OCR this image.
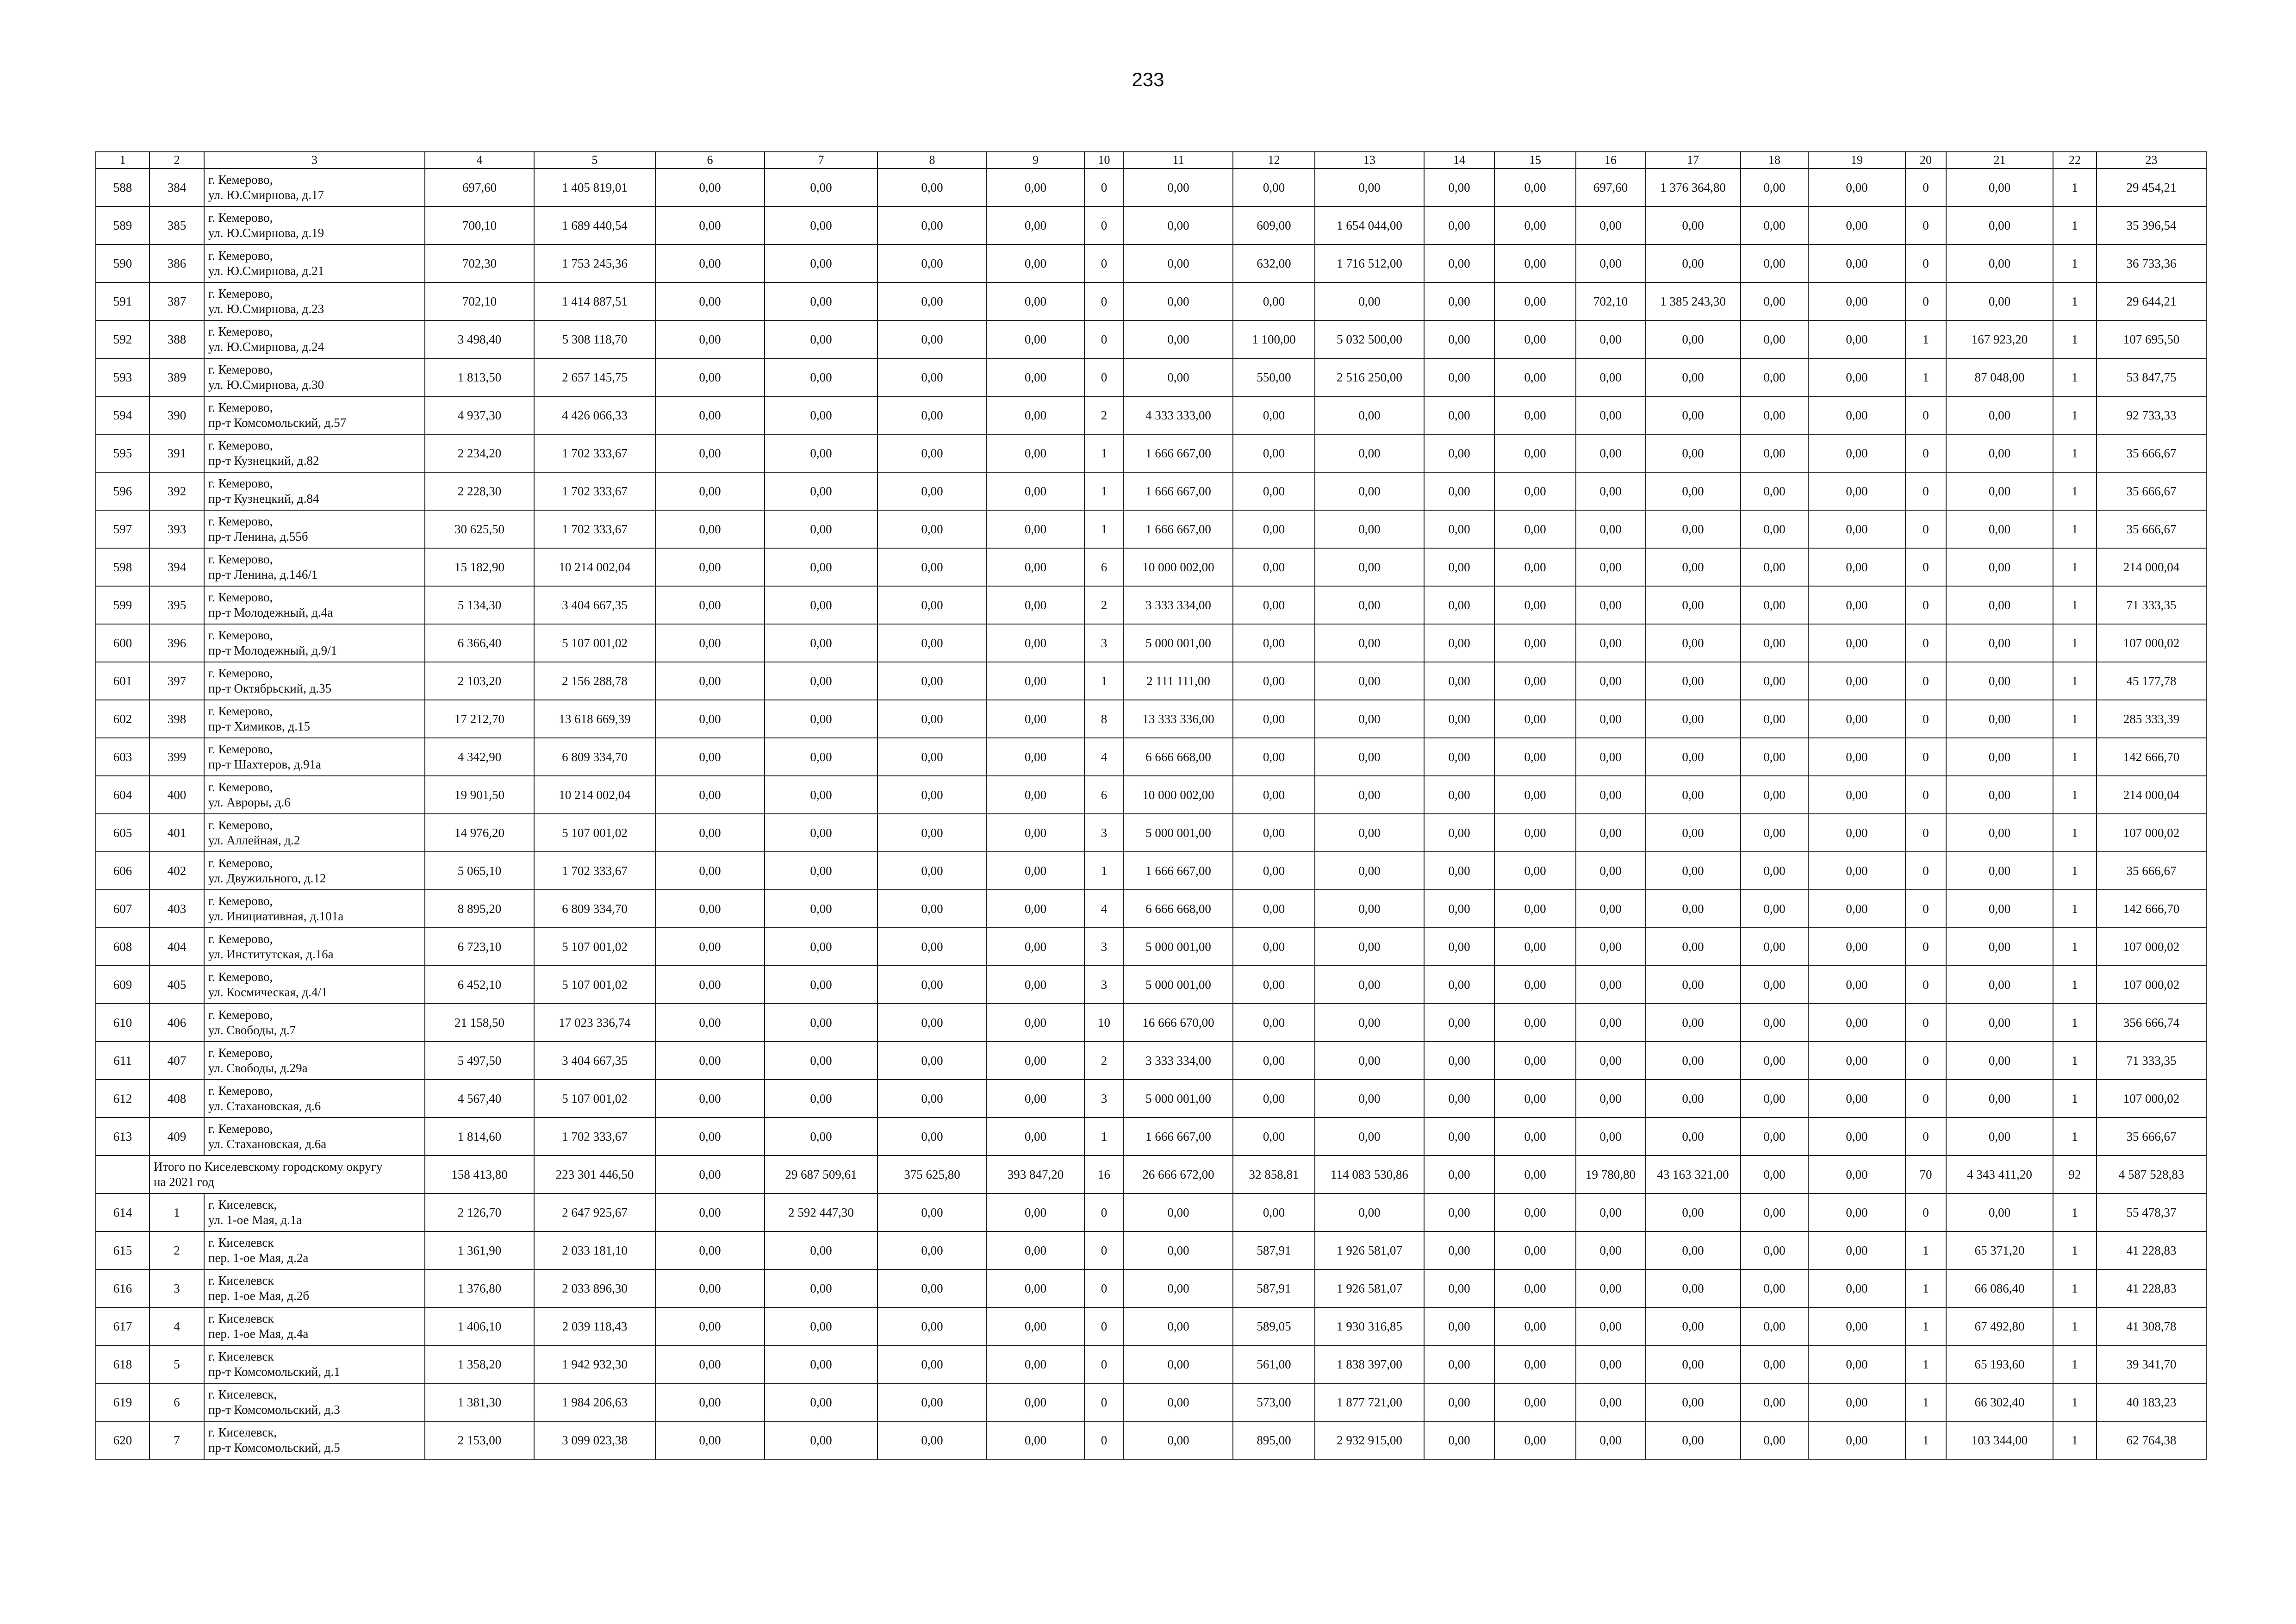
233
1	2	3	4	5	6	7	8	9	10	11	12	13	14	15	16	17	18	19	20	21	22	23
588	384	г. Кемерово,
ул. Ю.Смирнова, д.17	697,60	1 405 819,01	0,00	0,00	0,00	0,00	0	0,00	0,00	0,00	0,00	0,00	697,60	1 376 364,80	0,00	0,00	0	0,00	1	29 454,21
589	385	г. Кемерово,
ул. Ю.Смирнова, д.19	700,10	1 689 440,54	0,00	0,00	0,00	0,00	0	0,00	609,00	1 654 044,00	0,00	0,00	0,00	0,00	0,00	0,00	0	0,00	1	35 396,54
590	386	г. Кемерово,
ул. Ю.Смирнова, д.21	702,30	1 753 245,36	0,00	0,00	0,00	0,00	0	0,00	632,00	1 716 512,00	0,00	0,00	0,00	0,00	0,00	0,00	0	0,00	1	36 733,36
591	387	г. Кемерово,
ул. Ю.Смирнова, д.23	702,10	1 414 887,51	0,00	0,00	0,00	0,00	0	0,00	0,00	0,00	0,00	0,00	702,10	1 385 243,30	0,00	0,00	0	0,00	1	29 644,21
592	388	г. Кемерово,
ул. Ю.Смирнова, д.24	3 498,40	5 308 118,70	0,00	0,00	0,00	0,00	0	0,00	1 100,00	5 032 500,00	0,00	0,00	0,00	0,00	0,00	0,00	1	167 923,20	1	107 695,50
593	389	г. Кемерово,
ул. Ю.Смирнова, д.30	1 813,50	2 657 145,75	0,00	0,00	0,00	0,00	0	0,00	550,00	2 516 250,00	0,00	0,00	0,00	0,00	0,00	0,00	1	87 048,00	1	53 847,75
594	390	г. Кемерово,
пр-т Комсомольский, д.57	4 937,30	4 426 066,33	0,00	0,00	0,00	0,00	2	4 333 333,00	0,00	0,00	0,00	0,00	0,00	0,00	0,00	0,00	0	0,00	1	92 733,33
595	391	г. Кемерово,
пр-т Кузнецкий, д.82	2 234,20	1 702 333,67	0,00	0,00	0,00	0,00	1	1 666 667,00	0,00	0,00	0,00	0,00	0,00	0,00	0,00	0,00	0	0,00	1	35 666,67
596	392	г. Кемерово,
пр-т Кузнецкий, д.84	2 228,30	1 702 333,67	0,00	0,00	0,00	0,00	1	1 666 667,00	0,00	0,00	0,00	0,00	0,00	0,00	0,00	0,00	0	0,00	1	35 666,67
597	393	г. Кемерово,
пр-т Ленина, д.55б	30 625,50	1 702 333,67	0,00	0,00	0,00	0,00	1	1 666 667,00	0,00	0,00	0,00	0,00	0,00	0,00	0,00	0,00	0	0,00	1	35 666,67
598	394	г. Кемерово,
пр-т Ленина, д.146/1	15 182,90	10 214 002,04	0,00	0,00	0,00	0,00	6	10 000 002,00	0,00	0,00	0,00	0,00	0,00	0,00	0,00	0,00	0	0,00	1	214 000,04
599	395	г. Кемерово,
пр-т Молодежный, д.4а	5 134,30	3 404 667,35	0,00	0,00	0,00	0,00	2	3 333 334,00	0,00	0,00	0,00	0,00	0,00	0,00	0,00	0,00	0	0,00	1	71 333,35
600	396	г. Кемерово,
пр-т Молодежный, д.9/1	6 366,40	5 107 001,02	0,00	0,00	0,00	0,00	3	5 000 001,00	0,00	0,00	0,00	0,00	0,00	0,00	0,00	0,00	0	0,00	1	107 000,02
601	397	г. Кемерово,
пр-т Октябрьский, д.35	2 103,20	2 156 288,78	0,00	0,00	0,00	0,00	1	2 111 111,00	0,00	0,00	0,00	0,00	0,00	0,00	0,00	0,00	0	0,00	1	45 177,78
602	398	г. Кемерово,
пр-т Химиков, д.15	17 212,70	13 618 669,39	0,00	0,00	0,00	0,00	8	13 333 336,00	0,00	0,00	0,00	0,00	0,00	0,00	0,00	0,00	0	0,00	1	285 333,39
603	399	г. Кемерово,
пр-т Шахтеров, д.91а	4 342,90	6 809 334,70	0,00	0,00	0,00	0,00	4	6 666 668,00	0,00	0,00	0,00	0,00	0,00	0,00	0,00	0,00	0	0,00	1	142 666,70
604	400	г. Кемерово,
ул. Авроры, д.6	19 901,50	10 214 002,04	0,00	0,00	0,00	0,00	6	10 000 002,00	0,00	0,00	0,00	0,00	0,00	0,00	0,00	0,00	0	0,00	1	214 000,04
605	401	г. Кемерово,
ул. Аллейная, д.2	14 976,20	5 107 001,02	0,00	0,00	0,00	0,00	3	5 000 001,00	0,00	0,00	0,00	0,00	0,00	0,00	0,00	0,00	0	0,00	1	107 000,02
606	402	г. Кемерово,
ул. Двужильного, д.12	5 065,10	1 702 333,67	0,00	0,00	0,00	0,00	1	1 666 667,00	0,00	0,00	0,00	0,00	0,00	0,00	0,00	0,00	0	0,00	1	35 666,67
607	403	г. Кемерово,
ул. Инициативная, д.101а	8 895,20	6 809 334,70	0,00	0,00	0,00	0,00	4	6 666 668,00	0,00	0,00	0,00	0,00	0,00	0,00	0,00	0,00	0	0,00	1	142 666,70
608	404	г. Кемерово,
ул. Институтская, д.16а	6 723,10	5 107 001,02	0,00	0,00	0,00	0,00	3	5 000 001,00	0,00	0,00	0,00	0,00	0,00	0,00	0,00	0,00	0	0,00	1	107 000,02
609	405	г. Кемерово,
ул. Космическая, д.4/1	6 452,10	5 107 001,02	0,00	0,00	0,00	0,00	3	5 000 001,00	0,00	0,00	0,00	0,00	0,00	0,00	0,00	0,00	0	0,00	1	107 000,02
610	406	г. Кемерово,
ул. Свободы, д.7	21 158,50	17 023 336,74	0,00	0,00	0,00	0,00	10	16 666 670,00	0,00	0,00	0,00	0,00	0,00	0,00	0,00	0,00	0	0,00	1	356 666,74
611	407	г. Кемерово,
ул. Свободы, д.29а	5 497,50	3 404 667,35	0,00	0,00	0,00	0,00	2	3 333 334,00	0,00	0,00	0,00	0,00	0,00	0,00	0,00	0,00	0	0,00	1	71 333,35
612	408	г. Кемерово,
ул. Стахановская, д.6	4 567,40	5 107 001,02	0,00	0,00	0,00	0,00	3	5 000 001,00	0,00	0,00	0,00	0,00	0,00	0,00	0,00	0,00	0	0,00	1	107 000,02
613	409	г. Кемерово,
ул. Стахановская, д.6а	1 814,60	1 702 333,67	0,00	0,00	0,00	0,00	1	1 666 667,00	0,00	0,00	0,00	0,00	0,00	0,00	0,00	0,00	0	0,00	1	35 666,67
	Итого по Киселевскому городскому округу
на 2021 год		158 413,80	223 301 446,50	0,00	29 687 509,61	375 625,80	393 847,20	16	26 666 672,00	32 858,81	114 083 530,86	0,00	0,00	19 780,80	43 163 321,00	0,00	0,00	70	4 343 411,20	92	4 587 528,83
614	1	г. Киселевск,
ул. 1-ое Мая, д.1а	2 126,70	2 647 925,67	0,00	2 592 447,30	0,00	0,00	0	0,00	0,00	0,00	0,00	0,00	0,00	0,00	0,00	0,00	0	0,00	1	55 478,37
615	2	г. Киселевск
пер. 1-ое Мая, д.2а	1 361,90	2 033 181,10	0,00	0,00	0,00	0,00	0	0,00	587,91	1 926 581,07	0,00	0,00	0,00	0,00	0,00	0,00	1	65 371,20	1	41 228,83
616	3	г. Киселевск
пер. 1-ое Мая, д.2б	1 376,80	2 033 896,30	0,00	0,00	0,00	0,00	0	0,00	587,91	1 926 581,07	0,00	0,00	0,00	0,00	0,00	0,00	1	66 086,40	1	41 228,83
617	4	г. Киселевск
пер. 1-ое Мая, д.4а	1 406,10	2 039 118,43	0,00	0,00	0,00	0,00	0	0,00	589,05	1 930 316,85	0,00	0,00	0,00	0,00	0,00	0,00	1	67 492,80	1	41 308,78
618	5	г. Киселевск
пр-т Комсомольский, д.1	1 358,20	1 942 932,30	0,00	0,00	0,00	0,00	0	0,00	561,00	1 838 397,00	0,00	0,00	0,00	0,00	0,00	0,00	1	65 193,60	1	39 341,70
619	6	г. Киселевск,
пр-т Комсомольский, д.3	1 381,30	1 984 206,63	0,00	0,00	0,00	0,00	0	0,00	573,00	1 877 721,00	0,00	0,00	0,00	0,00	0,00	0,00	1	66 302,40	1	40 183,23
620	7	г. Киселевск,
пр-т Комсомольский, д.5	2 153,00	3 099 023,38	0,00	0,00	0,00	0,00	0	0,00	895,00	2 932 915,00	0,00	0,00	0,00	0,00	0,00	0,00	1	103 344,00	1	62 764,38
